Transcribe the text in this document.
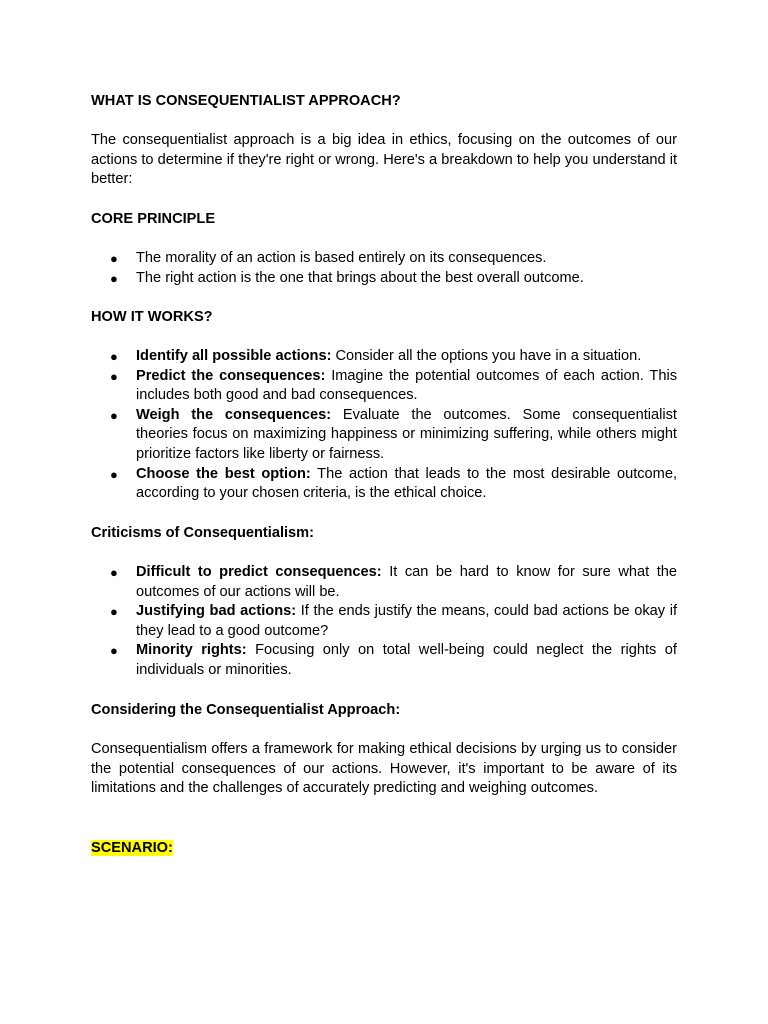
WHAT IS CONSEQUENTIALIST APPROACH?

The consequentialist approach is a big idea in ethics, focusing on the outcomes of our actions to determine if they're right or wrong. Here's a breakdown to help you understand it better:

CORE PRINCIPLE

● The morality of an action is based entirely on its consequences.
● The right action is the one that brings about the best overall outcome.

HOW IT WORKS?

● Identify all possible actions: Consider all the options you have in a situation.
● Predict the consequences: Imagine the potential outcomes of each action. This includes both good and bad consequences.
● Weigh the consequences: Evaluate the outcomes. Some consequentialist theories focus on maximizing happiness or minimizing suffering, while others might prioritize factors like liberty or fairness.
● Choose the best option: The action that leads to the most desirable outcome, according to your chosen criteria, is the ethical choice.

Criticisms of Consequentialism:

● Difficult to predict consequences: It can be hard to know for sure what the outcomes of our actions will be.
● Justifying bad actions: If the ends justify the means, could bad actions be okay if they lead to a good outcome?
● Minority rights: Focusing only on total well-being could neglect the rights of individuals or minorities.

Considering the Consequentialist Approach:

Consequentialism offers a framework for making ethical decisions by urging us to consider the potential consequences of our actions. However, it's important to be aware of its limitations and the challenges of accurately predicting and weighing outcomes.

SCENARIO:
